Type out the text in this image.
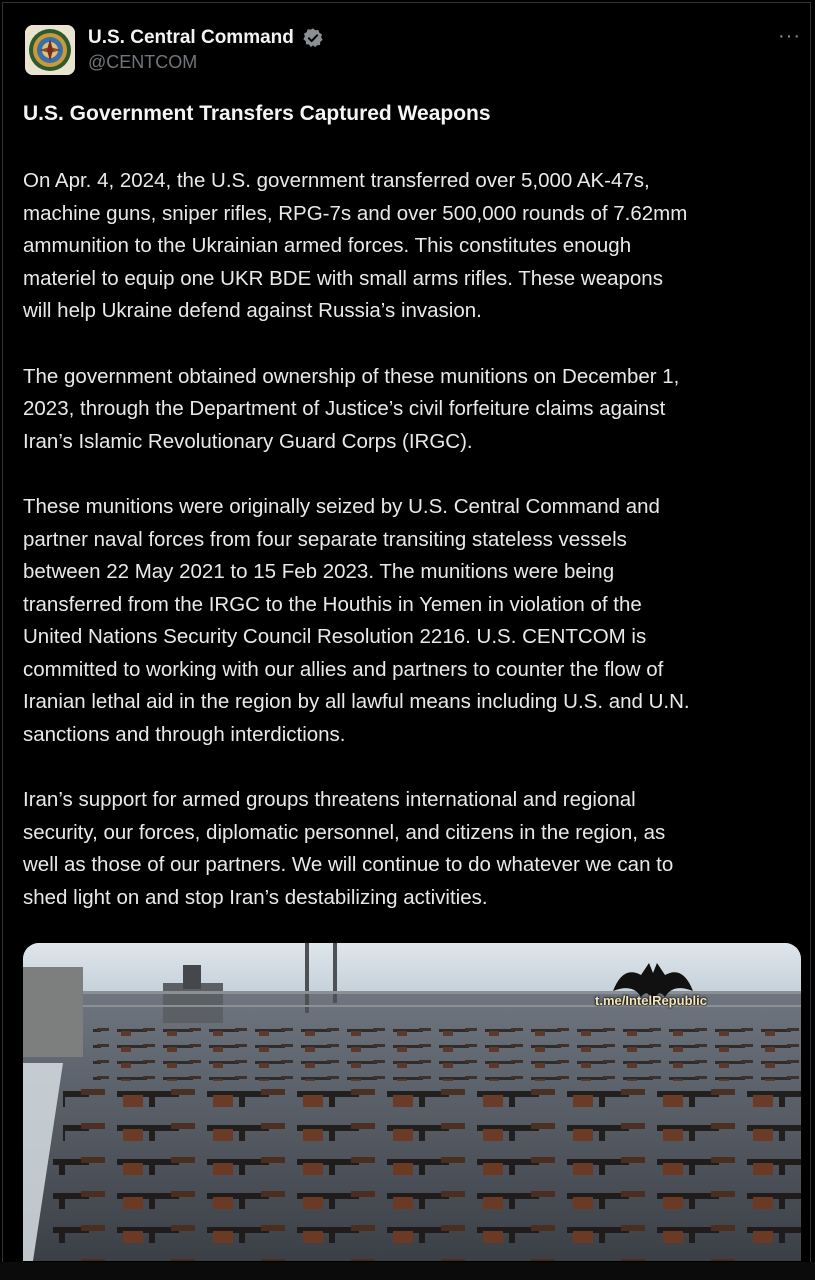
U.S. Central Command
@CENTCOM
···

U.S. Government Transfers Captured Weapons

On Apr. 4, 2024, the U.S. government transferred over 5,000 AK-47s,
machine guns, sniper rifles, RPG-7s and over 500,000 rounds of 7.62mm
ammunition to the Ukrainian armed forces. This constitutes enough
materiel to equip one UKR BDE with small arms rifles. These weapons
will help Ukraine defend against Russia’s invasion.

The government obtained ownership of these munitions on December 1,
2023, through the Department of Justice’s civil forfeiture claims against
Iran’s Islamic Revolutionary Guard Corps (IRGC).

These munitions were originally seized by U.S. Central Command and
partner naval forces from four separate transiting stateless vessels
between 22 May 2021 to 15 Feb 2023. The munitions were being
transferred from the IRGC to the Houthis in Yemen in violation of the
United Nations Security Council Resolution 2216. U.S. CENTCOM is
committed to working with our allies and partners to counter the flow of
Iranian lethal aid in the region by all lawful means including U.S. and U.N.
sanctions and through interdictions.

Iran’s support for armed groups threatens international and regional
security, our forces, diplomatic personnel, and citizens in the region, as
well as those of our partners. We will continue to do whatever we can to
shed light on and stop Iran’s destabilizing activities.

t.me/IntelRepublic
